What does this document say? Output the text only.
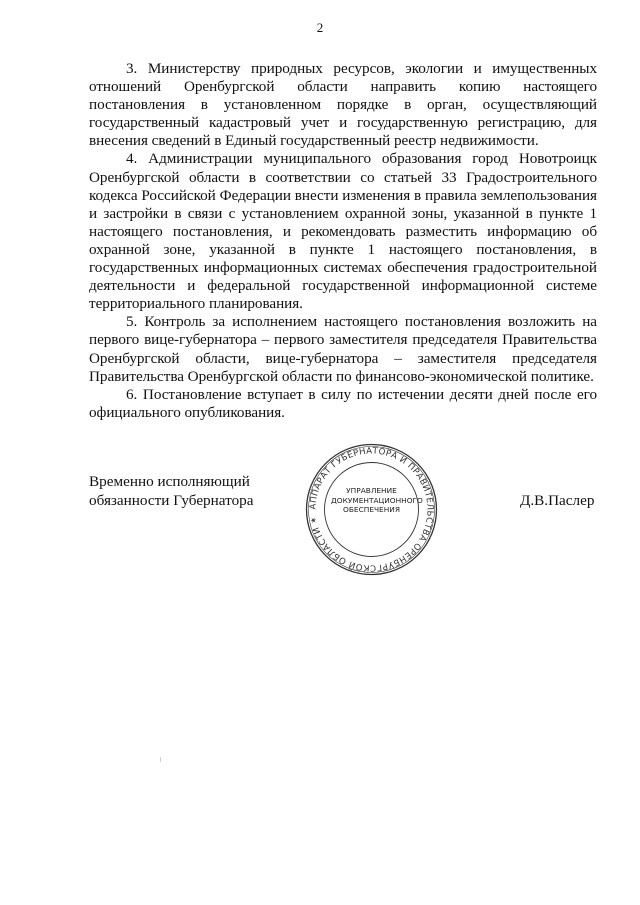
2

3. Министерству природных ресурсов, экологии и имущественных отношений Оренбургской области направить копию настоящего постановления в установленном порядке в орган, осуществляющий государственный кадастровый учет и государственную регистрацию, для внесения сведений в Единый государственный реестр недвижимости.

4. Администрации муниципального образования город Новотроицк Оренбургской области в соответствии со статьей 33 Градостроительного кодекса Российской Федерации внести изменения в правила землепользования и застройки в связи с установлением охранной зоны, указанной в пункте 1 настоящего постановления, и рекомендовать разместить информацию об охранной зоне, указанной в пункте 1 настоящего постановления, в государственных информационных системах обеспечения градостроительной деятельности и федеральной государственной информационной системе территориального планирования.

5. Контроль за исполнением настоящего постановления возложить на первого вице-губернатора – первого заместителя председателя Правительства Оренбургской области, вице-губернатора – заместителя председателя Правительства Оренбургской области по финансово-экономической политике.

6. Постановление вступает в силу по истечении десяти дней после его официального опубликования.

Временно исполняющий
обязанности Губернатора	АППАРАТ ГУБЕРНАТОРА И ПРАВИТЕЛЬСТВА ОРЕНБУРГСКОЙ ОБЛАСТИ ✶
УПРАВЛЕНИЕ
ДОКУМЕНТАЦИОННОГО
ОБЕСПЕЧЕНИЯ
Д.В.Паслер
